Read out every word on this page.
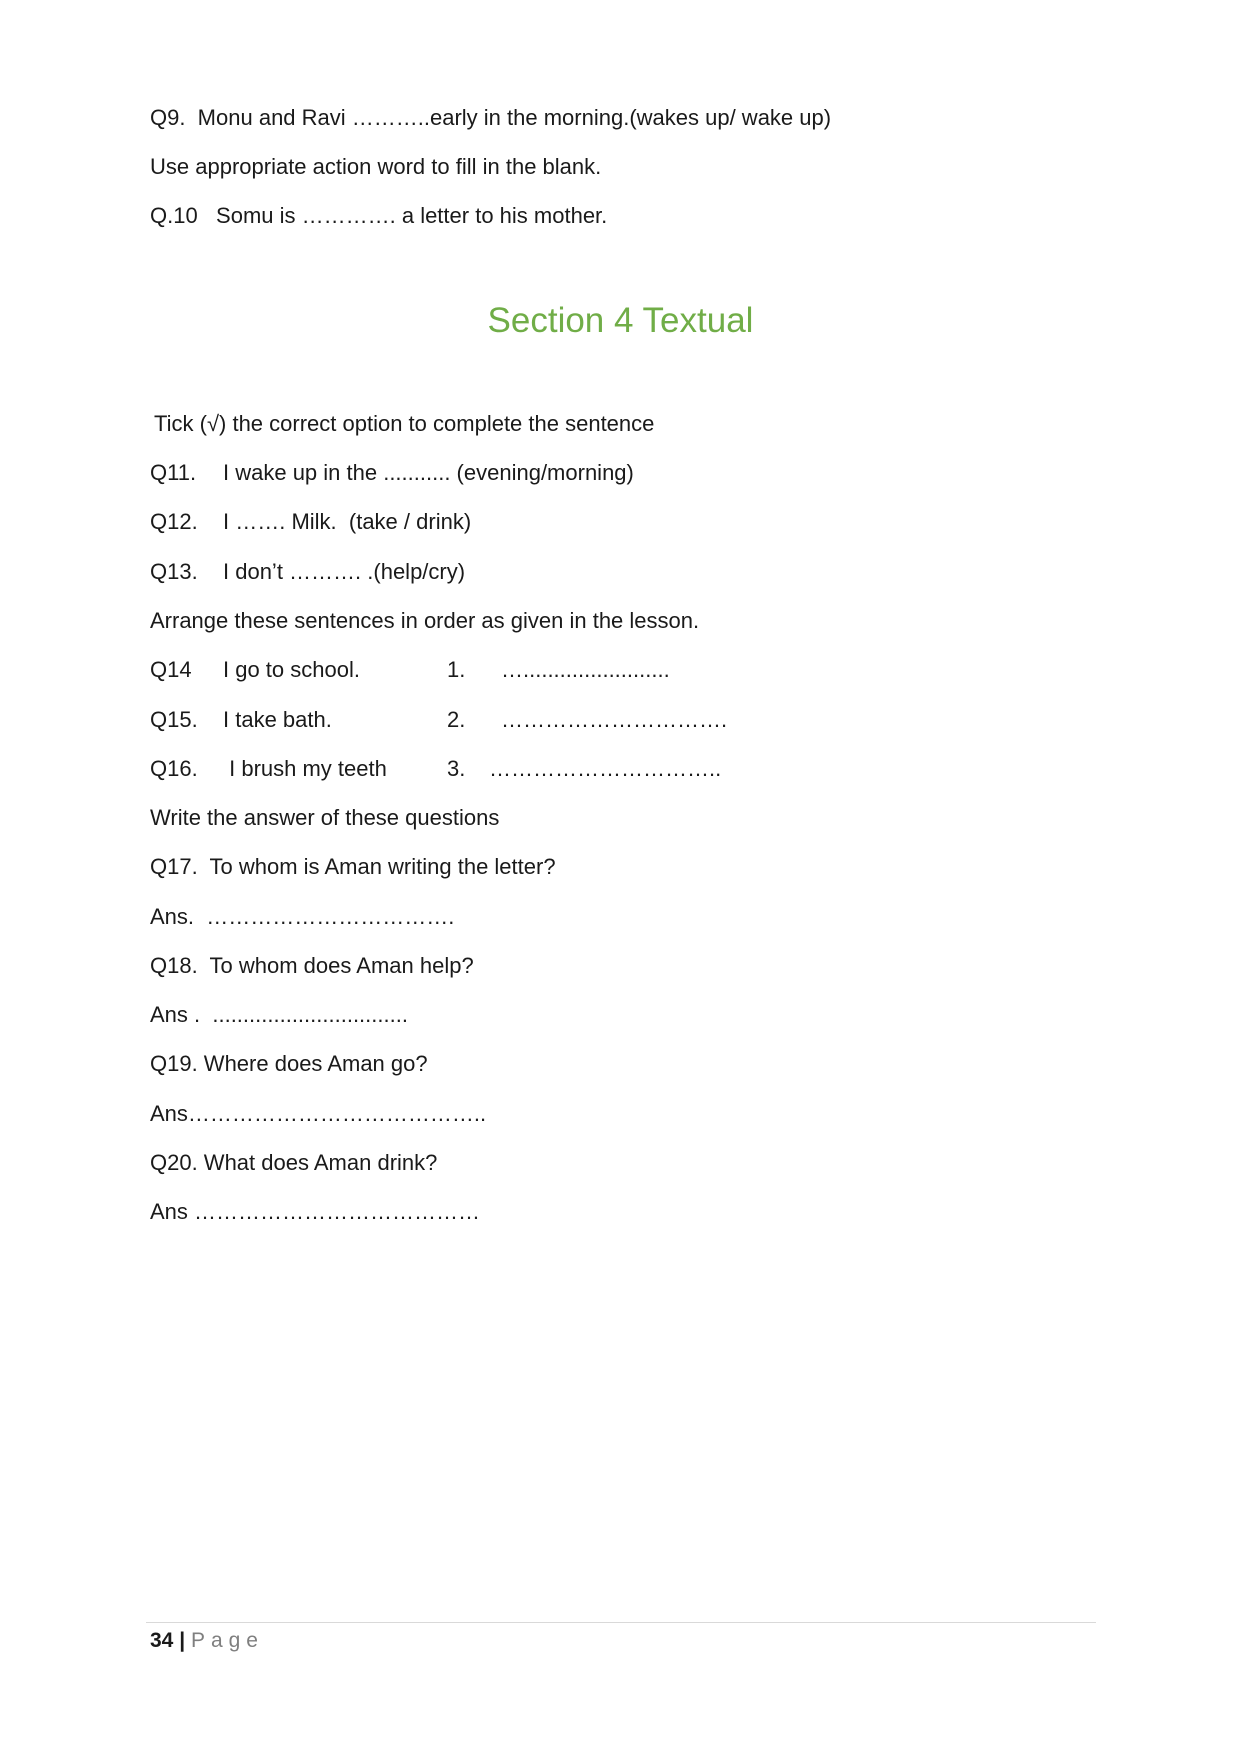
Q9.  Monu and Ravi ………..early in the morning.(wakes up/ wake up)
Use appropriate action word to fill in the blank.
Q.10   Somu is …………. a letter to his mother.
Section 4 Textual
Tick (√) the correct option to complete the sentence
Q11. I wake up in the ........... (evening/morning)
Q12. I ……. Milk.  (take / drink)
Q13. I don’t ………. .(help/cry)
Arrange these sentences in order as given in the lesson.
Q14 I go to school.	1. …........................
Q15. I take bath.	2. ………………………….
Q16. I brush my teeth	3. …………………………..
Write the answer of these questions
Q17.  To whom is Aman writing the letter?
Ans.  …………………………….
Q18.  To whom does Aman help?
Ans .  ................................
Q19. Where does Aman go?
Ans…………………………………..
Q20. What does Aman drink?
Ans …………………………………
34 | Page
